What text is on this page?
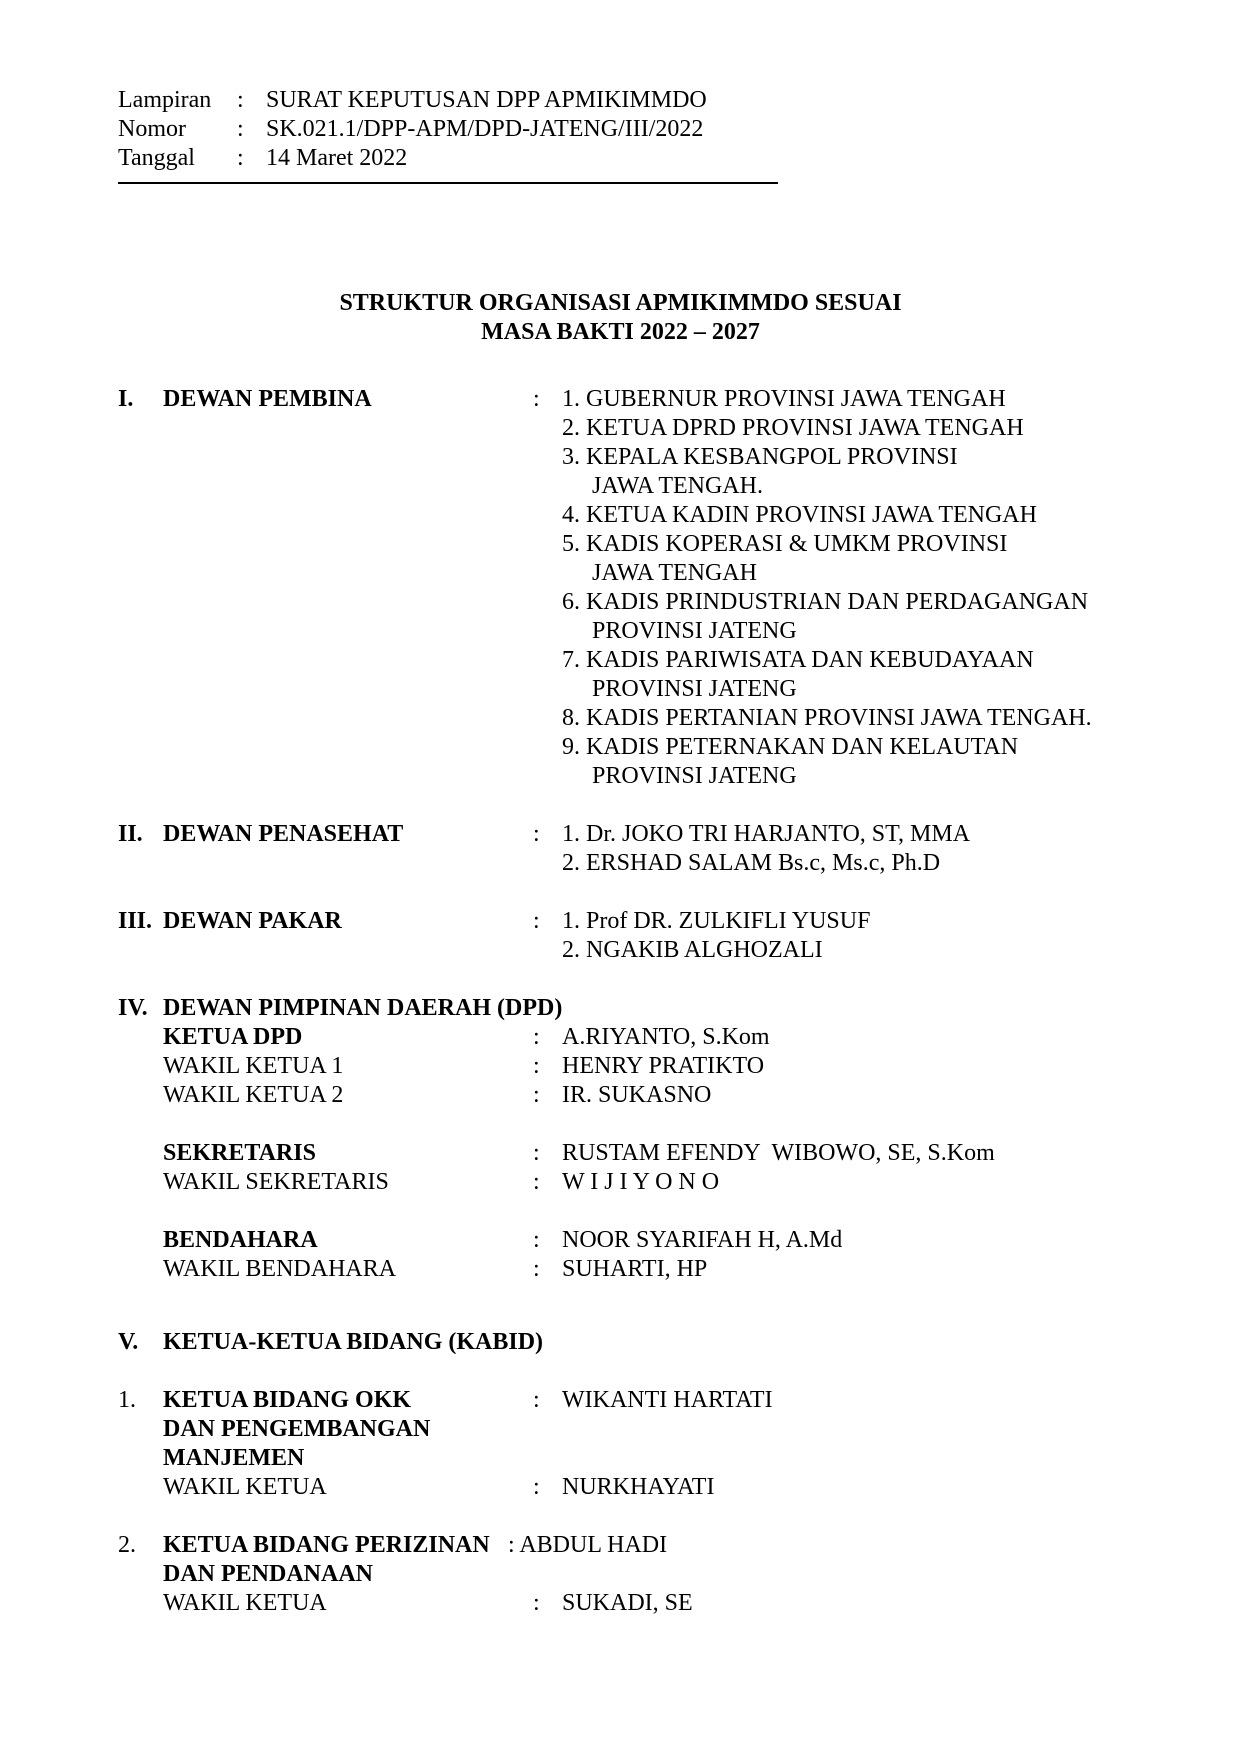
Lampiran : SURAT KEPUTUSAN DPP APMIKIMMDO
Nomor : SK.021.1/DPP-APM/DPD-JATENG/III/2022
Tanggal : 14 Maret 2022
STRUKTUR ORGANISASI APMIKIMMDO SESUAI
MASA BAKTI 2022 – 2027
I. DEWAN PEMBINA	: 1. GUBERNUR PROVINSI JAWA TENGAH
2. KETUA DPRD PROVINSI JAWA TENGAH
3. KEPALA KESBANGPOL PROVINSI
JAWA TENGAH.
4. KETUA KADIN PROVINSI JAWA TENGAH
5. KADIS KOPERASI & UMKM PROVINSI
JAWA TENGAH
6. KADIS PRINDUSTRIAN DAN PERDAGANGAN
PROVINSI JATENG
7. KADIS PARIWISATA DAN KEBUDAYAAN
PROVINSI JATENG
8. KADIS PERTANIAN PROVINSI JAWA TENGAH.
9. KADIS PETERNAKAN DAN KELAUTAN
PROVINSI JATENG
II. DEWAN PENASEHAT	: 1. Dr. JOKO TRI HARJANTO, ST, MMA
2. ERSHAD SALAM Bs.c, Ms.c, Ph.D
III. DEWAN PAKAR	: 1. Prof DR. ZULKIFLI YUSUF
2. NGAKIB ALGHOZALI
IV. DEWAN PIMPINAN DAERAH (DPD)
KETUA DPD	: A.RIYANTO, S.Kom
WAKIL KETUA 1	: HENRY PRATIKTO
WAKIL KETUA 2	: IR. SUKASNO
SEKRETARIS	: RUSTAM EFENDY  WIBOWO, SE, S.Kom
WAKIL SEKRETARIS	: W I J I Y O N O
BENDAHARA	: NOOR SYARIFAH H, A.Md
WAKIL BENDAHARA	: SUHARTI, HP
V. KETUA-KETUA BIDANG (KABID)
1. KETUA BIDANG OKK
DAN PENGEMBANGAN
MANJEMEN
: WIKANTI HARTATI
WAKIL KETUA	: NURKHAYATI
2. KETUA BIDANG PERIZINAN : ABDUL HADI
DAN PENDANAAN
WAKIL KETUA	: SUKADI, SE
